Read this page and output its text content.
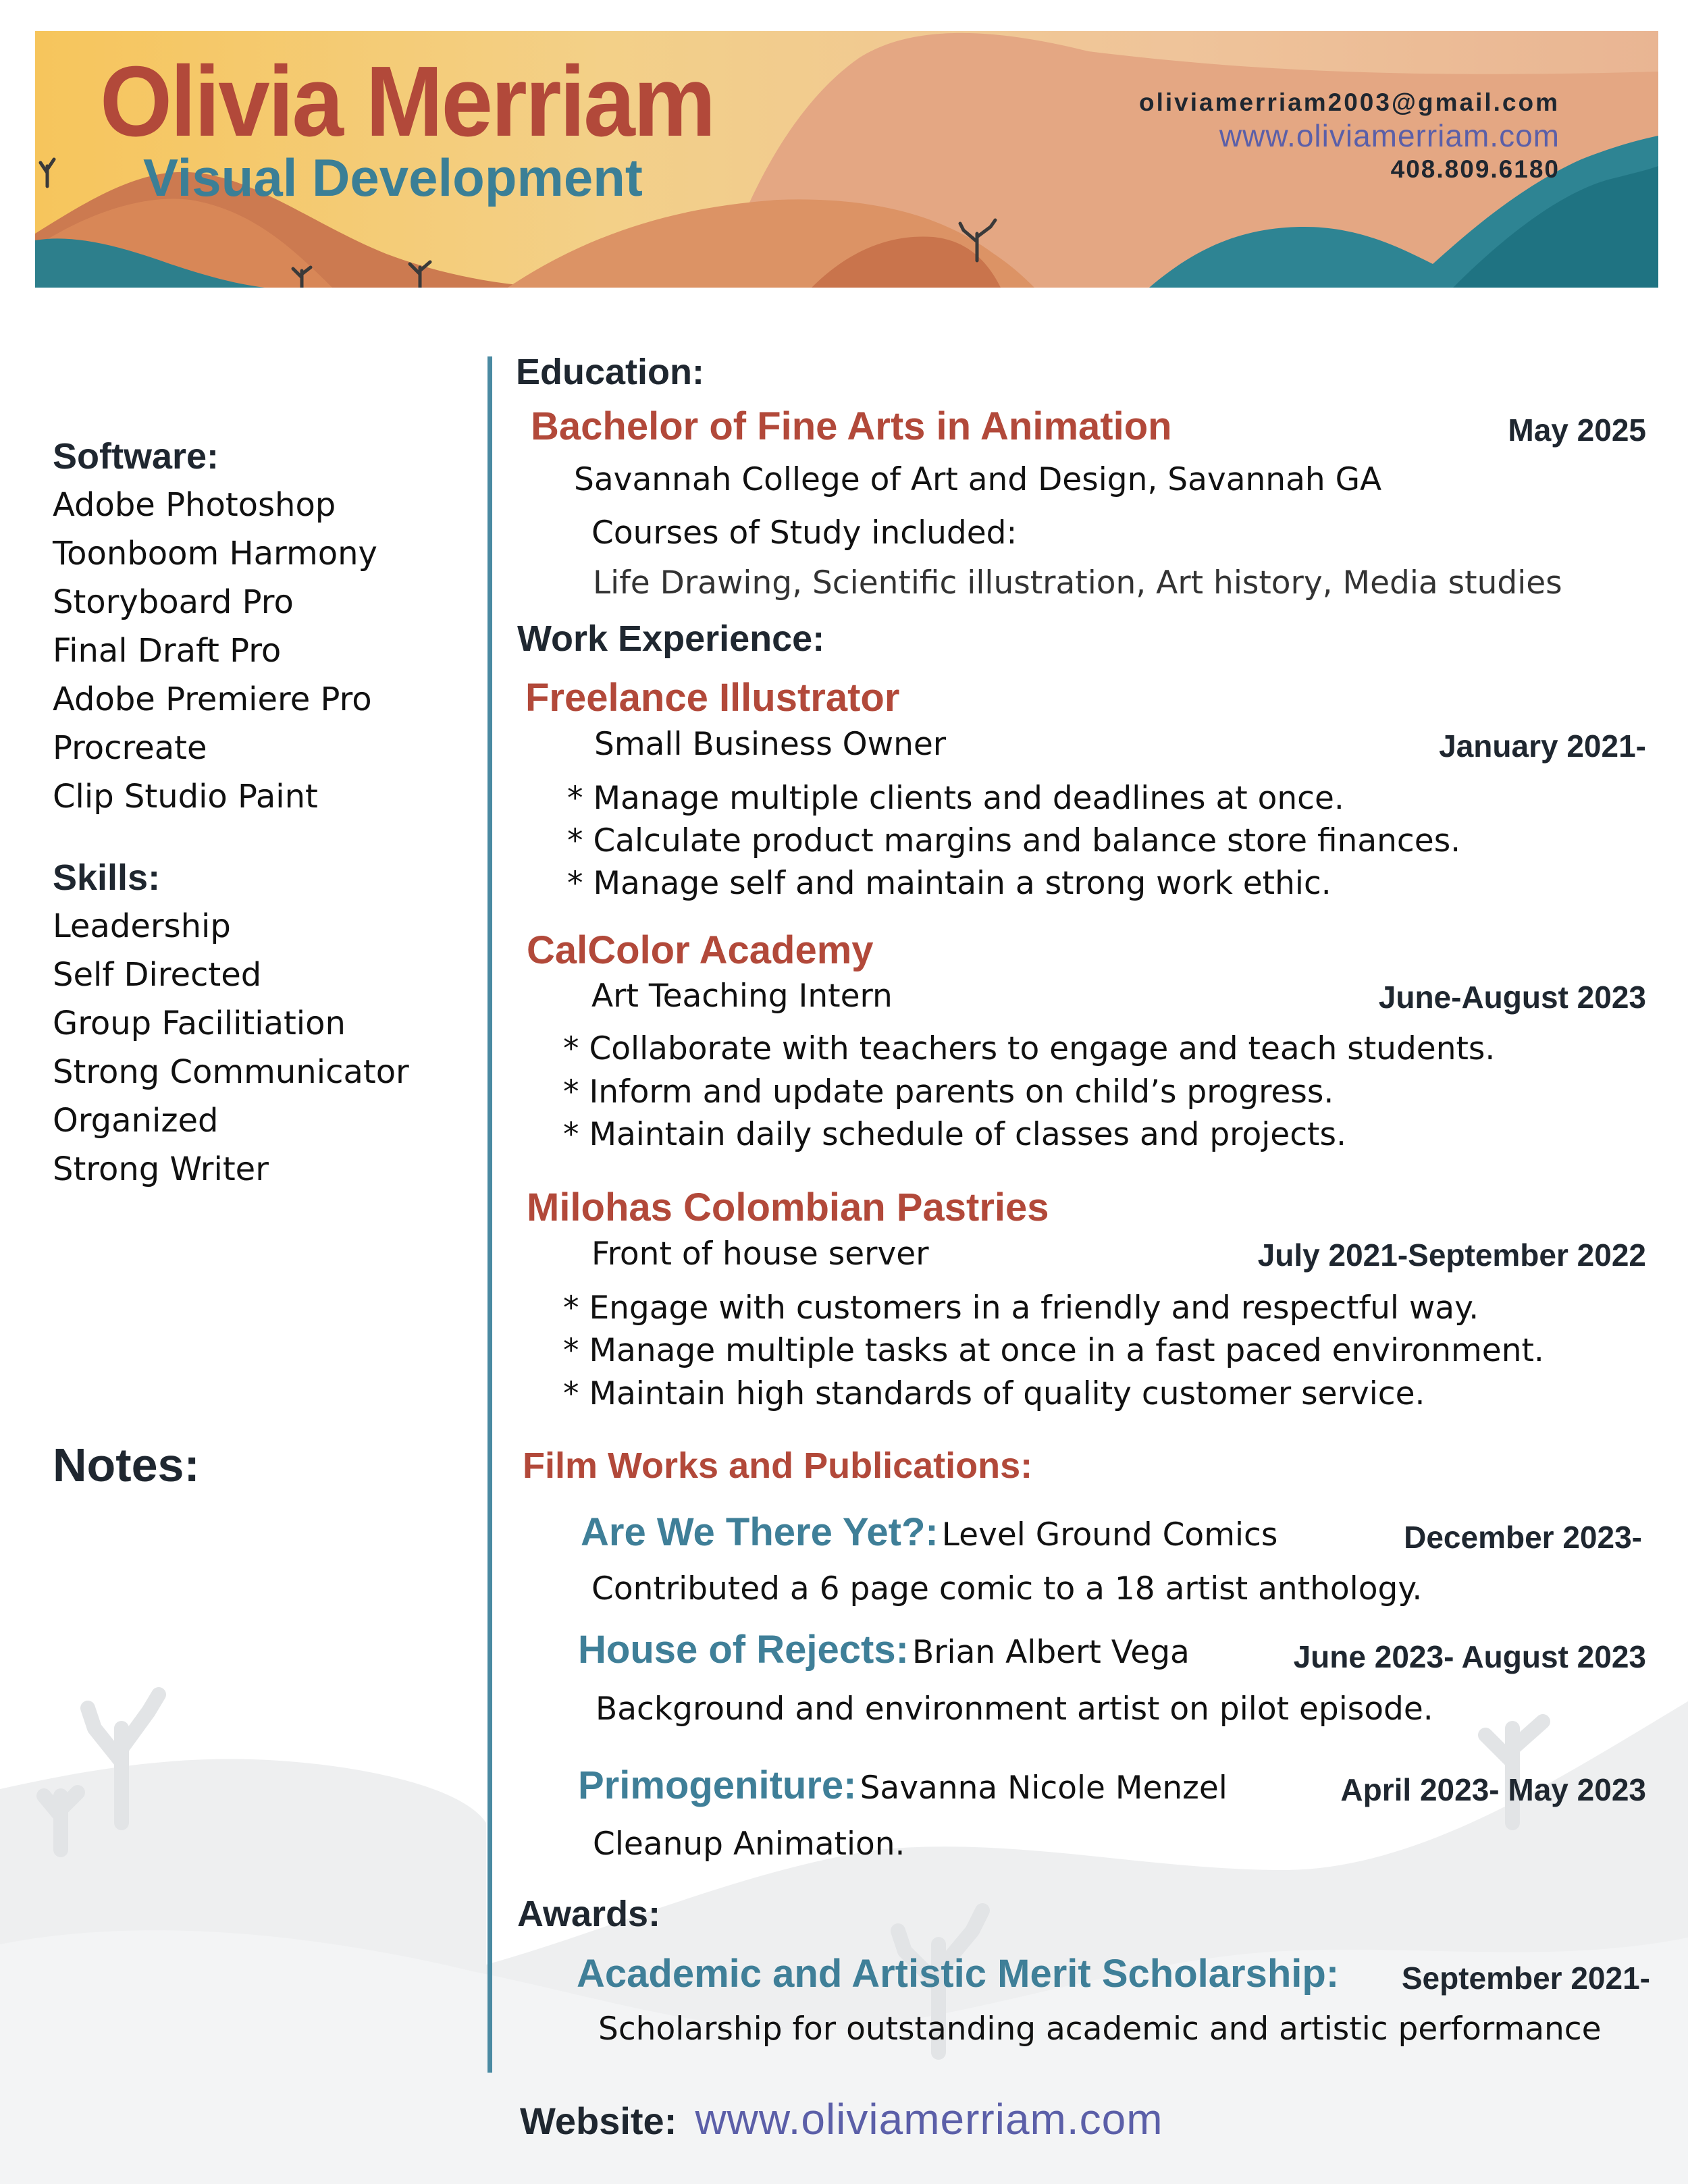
Olivia Merriam
Visual Development
oliviamerriam2003@gmail.com
www.oliviamerriam.com
408.809.6180
Software:
Adobe Photoshop
Toonboom Harmony
Storyboard Pro
Final Draft Pro
Adobe Premiere Pro
Procreate
Clip Studio Paint
Skills:
Leadership
Self Directed
Group Facilitiation
Strong Communicator
Organized
Strong Writer
Notes:
Education:
Bachelor of Fine Arts in Animation	May 2025
Savannah College of Art and Design, Savannah GA
Courses of Study included:
Life Drawing, Scientific illustration, Art history, Media studies
Work Experience:
Freelance Illustrator
Small Business Owner	January 2021-
* Manage multiple clients and deadlines at once.
* Calculate product margins and balance store finances.
* Manage self and maintain a strong work ethic.
CalColor Academy
Art Teaching Intern	June-August 2023
* Collaborate with teachers to engage and teach students.
* Inform and update parents on child’s progress.
* Maintain daily schedule of classes and projects.
Milohas Colombian Pastries
Front of house server	July 2021-September 2022
* Engage with customers in a friendly and respectful way.
* Manage multiple tasks at once in a fast paced environment.
* Maintain high standards of quality customer service.
Film Works and Publications:
Are We There Yet?: Level Ground Comics	December 2023-
Contributed a 6 page comic to a 18 artist anthology.
House of Rejects: Brian Albert Vega	June 2023- August 2023
Background and environment artist on pilot episode.
Primogeniture: Savanna Nicole Menzel	April 2023- May 2023
Cleanup Animation.
Awards:
Academic and Artistic Merit Scholarship: September 2021-
Scholarship for outstanding academic and artistic performance
Website: www.oliviamerriam.com
